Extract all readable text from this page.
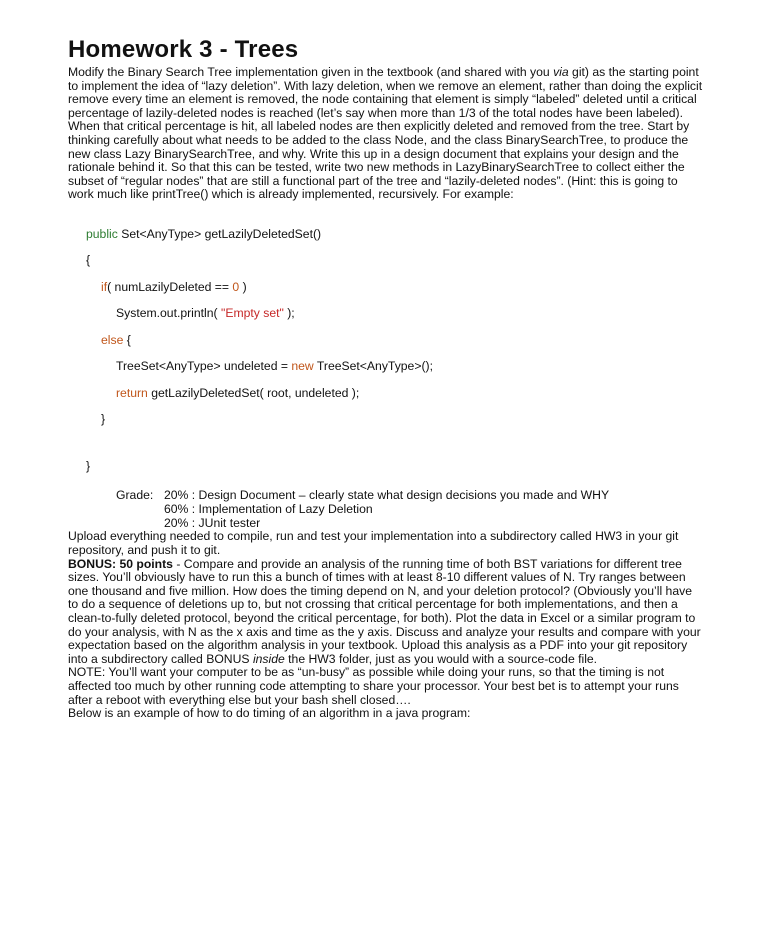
Homework 3 - Trees

Modify the Binary Search Tree implementation given in the textbook (and shared with you via git) as the starting point to implement the idea of “lazy deletion”. With lazy deletion, when we remove an element, rather than doing the explicit remove every time an element is removed, the node containing that element is simply “labeled” deleted until a critical percentage of lazily-deleted nodes is reached (let’s say when more than 1/3 of the total nodes have been labeled). When that critical percentage is hit, all labeled nodes are then explicitly deleted and removed from the tree. Start by thinking carefully about what needs to be added to the class Node, and the class BinarySearchTree, to produce the new class Lazy BinarySearchTree, and why. Write this up in a design document that explains your design and the rationale behind it. So that this can be tested, write two new methods in LazyBinarySearchTree to collect either the subset of “regular nodes” that are still a functional part of the tree and “lazily-deleted nodes”. (Hint: this is going to work much like printTree() which is already implemented, recursively. For example:

public Set<AnyType> getLazilyDeletedSet()
{
if( numLazilyDeleted == 0 )
System.out.println( "Empty set" );
else {
TreeSet<AnyType> undeleted = new TreeSet<AnyType>();
return getLazilyDeletedSet( root, undeleted );
}
}
Grade: 20% : Design Document – clearly state what design decisions you made and WHY
60% : Implementation of Lazy Deletion
20% : JUnit tester

Upload everything needed to compile, run and test your implementation into a subdirectory called HW3 in your git repository, and push it to git.

BONUS: 50 points - Compare and provide an analysis of the running time of both BST variations for different tree sizes. You’ll obviously have to run this a bunch of times with at least 8-10 different values of N. Try ranges between one thousand and five million. How does the timing depend on N, and your deletion protocol? (Obviously you’ll have to do a sequence of deletions up to, but not crossing that critical percentage for both implementations, and then a clean-to-fully deleted protocol, beyond the critical percentage, for both). Plot the data in Excel or a similar program to do your analysis, with N as the x axis and time as the y axis. Discuss and analyze your results and compare with your expectation based on the algorithm analysis in your textbook. Upload this analysis as a PDF into your git repository into a subdirectory called BONUS inside the HW3 folder, just as you would with a source-code file.

NOTE: You’ll want your computer to be as “un-busy” as possible while doing your runs, so that the timing is not affected too much by other running code attempting to share your processor. Your best bet is to attempt your runs after a reboot with everything else but your bash shell closed….

Below is an example of how to do timing of an algorithm in a java program:
